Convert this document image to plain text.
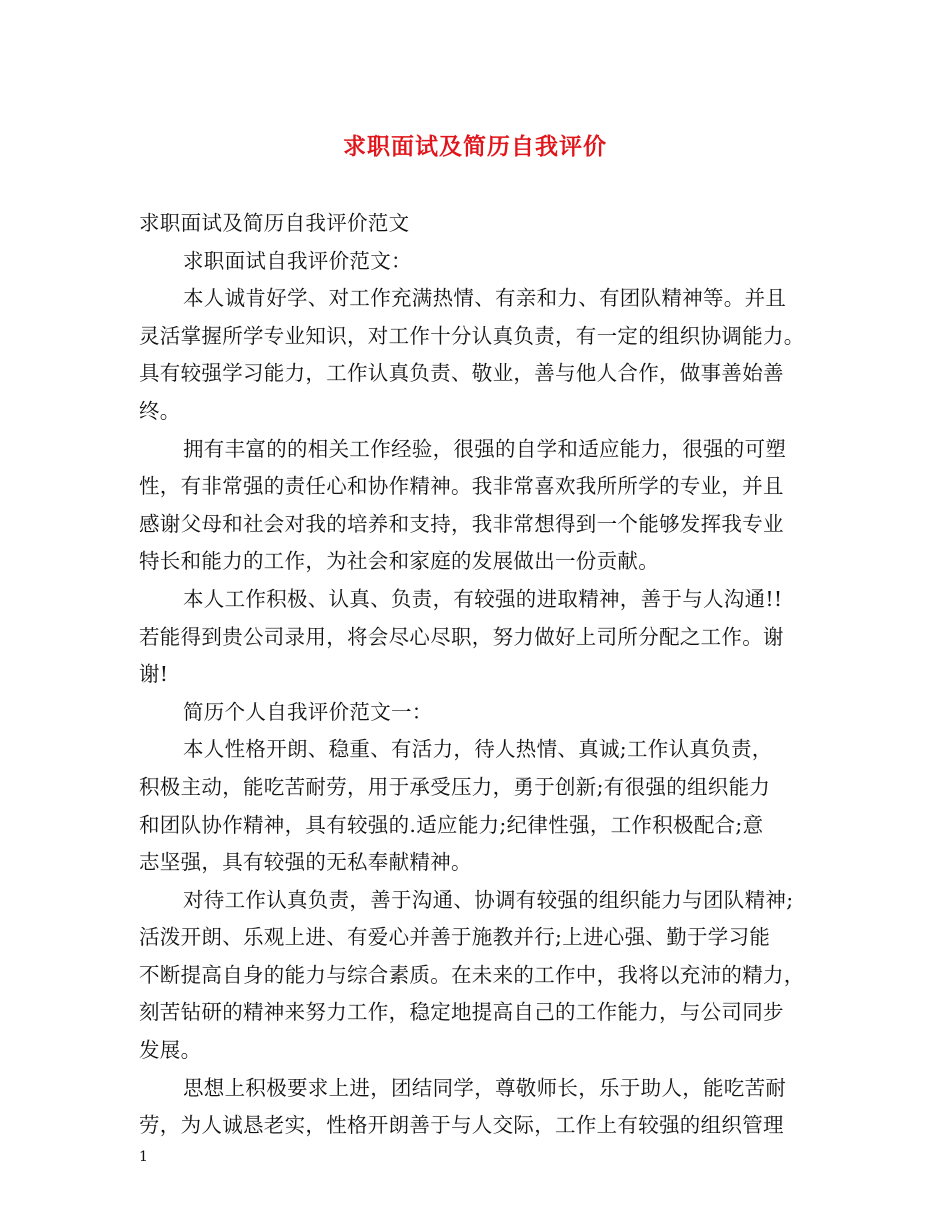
求职面试及简历自我评价
求职面试及简历自我评价范文
求职面试自我评价范文：
本人诚肯好学、对工作充满热情、有亲和力、有团队精神等。并且
灵活掌握所学专业知识，对工作十分认真负责，有一定的组织协调能力。
具有较强学习能力，工作认真负责、敬业，善与他人合作，做事善始善
终。
拥有丰富的的相关工作经验，很强的自学和适应能力，很强的可塑
性，有非常强的责任心和协作精神。我非常喜欢我所所学的专业，并且
感谢父母和社会对我的培养和支持，我非常想得到一个能够发挥我专业
特长和能力的工作，为社会和家庭的发展做出一份贡献。
本人工作积极、认真、负责，有较强的进取精神，善于与人沟通!!
若能得到贵公司录用，将会尽心尽职，努力做好上司所分配之工作。谢
谢!
简历个人自我评价范文一：
本人性格开朗、稳重、有活力，待人热情、真诚;工作认真负责，
积极主动，能吃苦耐劳，用于承受压力，勇于创新;有很强的组织能力
和团队协作精神，具有较强的.适应能力;纪律性强，工作积极配合;意
志坚强，具有较强的无私奉献精神。
对待工作认真负责，善于沟通、协调有较强的组织能力与团队精神;
活泼开朗、乐观上进、有爱心并善于施教并行;上进心强、勤于学习能
不断提高自身的能力与综合素质。在未来的工作中，我将以充沛的精力，
刻苦钻研的精神来努力工作，稳定地提高自己的工作能力，与公司同步
发展。
思想上积极要求上进，团结同学，尊敬师长，乐于助人，能吃苦耐
劳，为人诚恳老实，性格开朗善于与人交际，工作上有较强的组织管理
1
